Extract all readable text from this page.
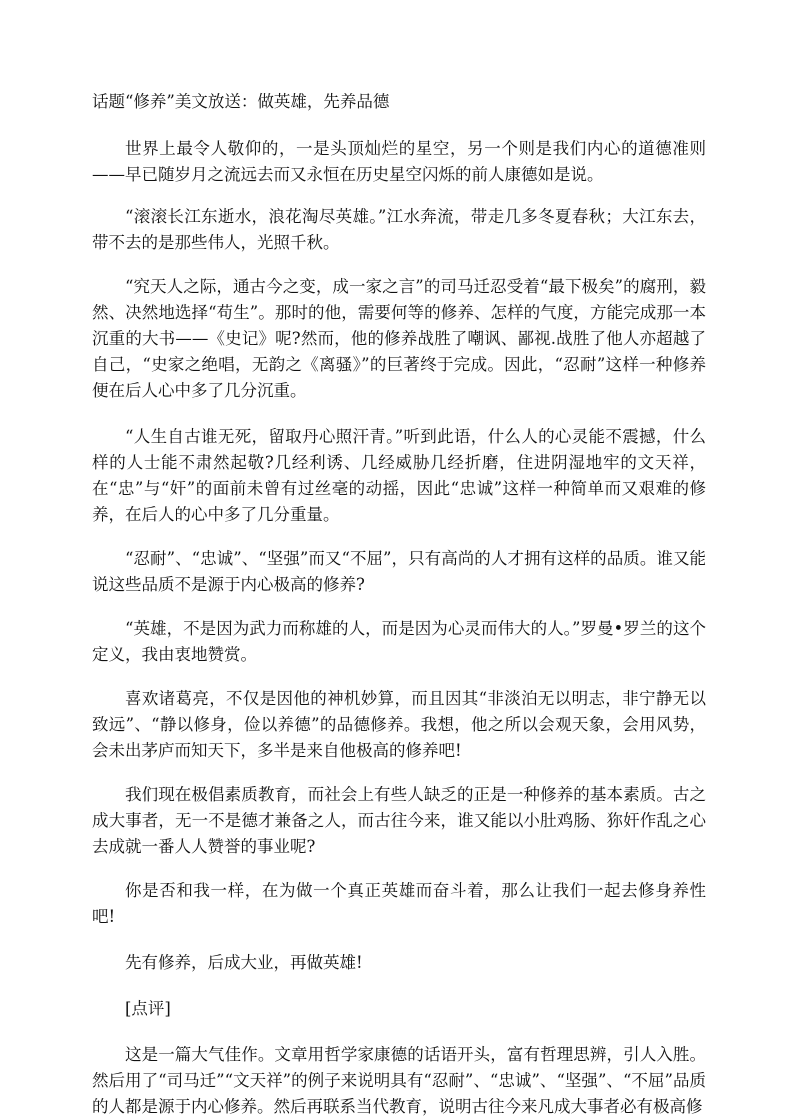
话题“修养”美文放送：做英雄，先养品德

世界上最令人敬仰的，一是头顶灿烂的星空，另一个则是我们内心的道德准则——早已随岁月之流远去而又永恒在历史星空闪烁的前人康德如是说。

“滚滚长江东逝水，浪花淘尽英雄。”江水奔流，带走几多冬夏春秋；大江东去，带不去的是那些伟人，光照千秋。

“究天人之际，通古今之变，成一家之言”的司马迁忍受着“最下极矣”的腐刑，毅然、决然地选择“苟生”。那时的他，需要何等的修养、怎样的气度，方能完成那一本沉重的大书——《史记》呢?然而，他的修养战胜了嘲讽、鄙视.战胜了他人亦超越了自己，“史家之绝唱，无韵之《离骚》”的巨著终于完成。因此，“忍耐”这样一种修养便在后人心中多了几分沉重。

“人生自古谁无死，留取丹心照汗青。”听到此语，什么人的心灵能不震撼，什么样的人士能不肃然起敬?几经利诱、几经威胁几经折磨，住进阴湿地牢的文天祥，在“忠”与“奸”的面前未曾有过丝毫的动摇，因此“忠诚”这样一种简单而又艰难的修养，在后人的心中多了几分重量。

“忍耐”、“忠诚”、“坚强”而又“不屈”，只有高尚的人才拥有这样的品质。谁又能说这些品质不是源于内心极高的修养?

“英雄，不是因为武力而称雄的人，而是因为心灵而伟大的人。”罗曼•罗兰的这个定义，我由衷地赞赏。

喜欢诸葛亮，不仅是因他的神机妙算，而且因其“非淡泊无以明志，非宁静无以致远”、“静以修身，俭以养德”的品德修养。我想，他之所以会观天象，会用风势，会未出茅庐而知天下，多半是来自他极高的修养吧!

我们现在极倡素质教育，而社会上有些人缺乏的正是一种修养的基本素质。古之成大事者，无一不是德才兼备之人，而古往今来，谁又能以小肚鸡肠、狝奸作乱之心去成就一番人人赞誉的事业呢?

你是否和我一样，在为做一个真正英雄而奋斗着，那么让我们一起去修身养性吧!

先有修养，后成大业，再做英雄!

[点评]

这是一篇大气佳作。文章用哲学家康德的话语开头，富有哲理思辨，引人入胜。然后用了“司马迁”“文天祥”的例子来说明具有“忍耐”、“忠诚”、“坚强”、“不屈”品质的人都是源于内心修养。然后再联系当代教育，说明古往今来凡成大事者必有极高修
